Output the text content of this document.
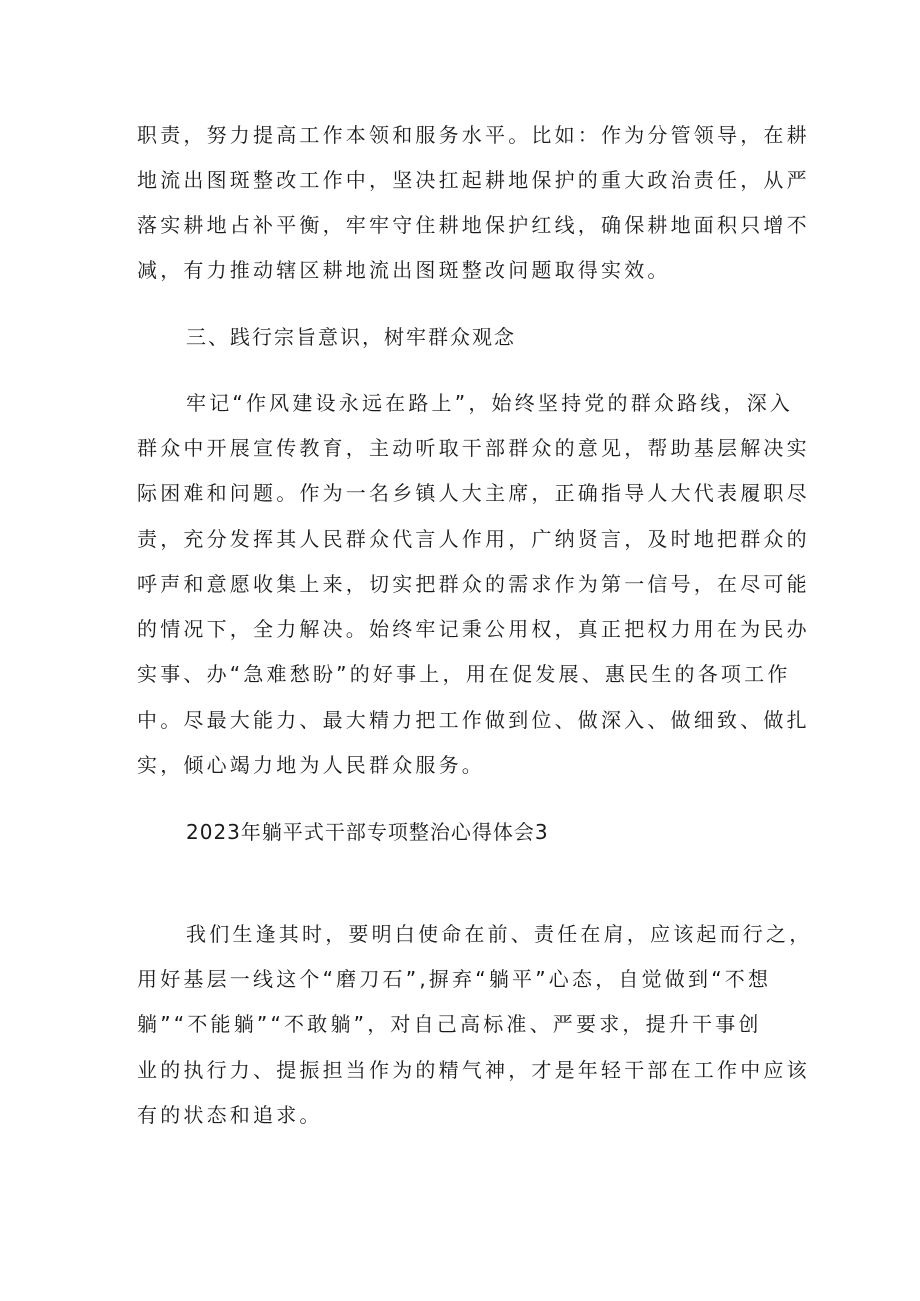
职责，努力提高工作本领和服务水平。比如：作为分管领导，在耕
地流出图斑整改工作中，坚决扛起耕地保护的重大政治责任，从严
落实耕地占补平衡，牢牢守住耕地保护红线，确保耕地面积只增不
减，有力推动辖区耕地流出图斑整改问题取得实效。
三、践行宗旨意识，树牢群众观念
牢记“作风建设永远在路上”，始终坚持党的群众路线，深入
群众中开展宣传教育，主动听取干部群众的意见，帮助基层解决实
际困难和问题。作为一名乡镇人大主席，正确指导人大代表履职尽
责，充分发挥其人民群众代言人作用，广纳贤言，及时地把群众的
呼声和意愿收集上来，切实把群众的需求作为第一信号，在尽可能
的情况下，全力解决。始终牢记秉公用权，真正把权力用在为民办
实事、办“急难愁盼”的好事上，用在促发展、惠民生的各项工作
中。尽最大能力、最大精力把工作做到位、做深入、做细致、做扎
实，倾心竭力地为人民群众服务。
2023年躺平式干部专项整治心得体会3
我们生逢其时，要明白使命在前、责任在肩，应该起而行之，
用好基层一线这个“磨刀石”,摒弃“躺平”心态，自觉做到“不想
躺”“不能躺”“不敢躺”，对自己高标准、严要求，提升干事创
业的执行力、提振担当作为的精气神，才是年轻干部在工作中应该
有的状态和追求。
